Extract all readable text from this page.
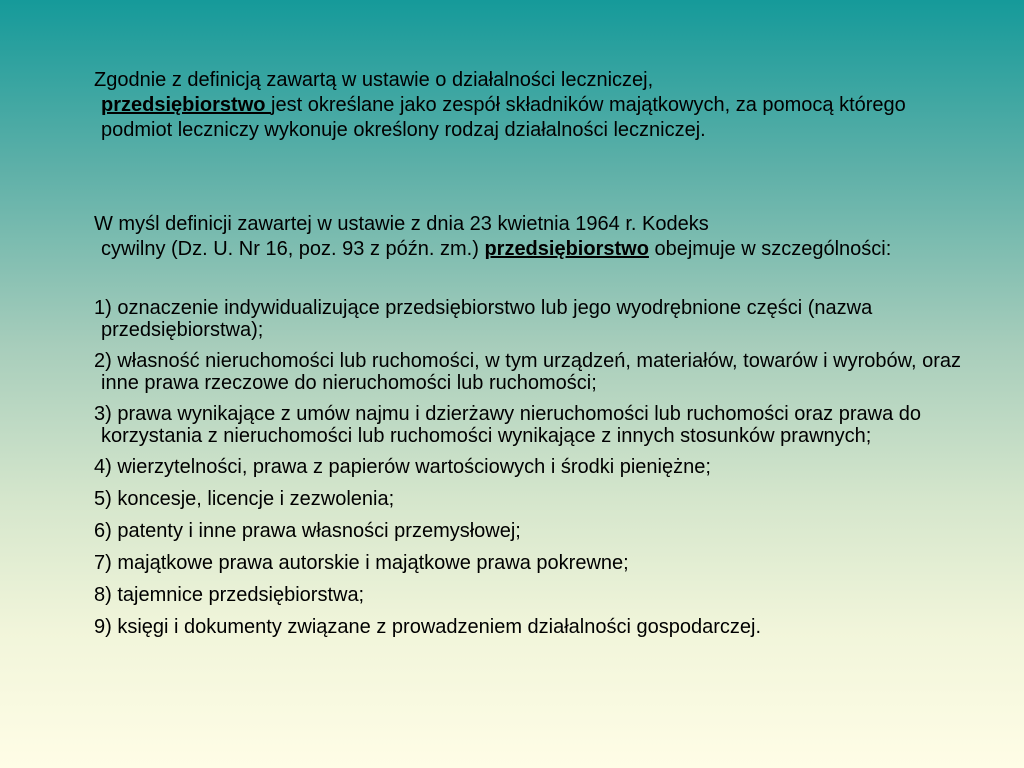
Zgodnie z definicją zawartą w ustawie o działalności leczniczej,
przedsiębiorstwo jest określane jako zespół składników majątkowych, za pomocą którego podmiot leczniczy wykonuje określony rodzaj działalności leczniczej.

W myśl definicji zawartej w ustawie z dnia 23 kwietnia 1964 r. Kodeks
cywilny (Dz. U. Nr 16, poz. 93 z późn. zm.) przedsiębiorstwo obejmuje w szczególności:

1) oznaczenie indywidualizujące przedsiębiorstwo lub jego wyodrębnione części (nazwa przedsiębiorstwa);
2) własność nieruchomości lub ruchomości, w tym urządzeń, materiałów, towarów i wyrobów, oraz inne prawa rzeczowe do nieruchomości lub ruchomości;
3) prawa wynikające z umów najmu i dzierżawy nieruchomości lub ruchomości oraz prawa do korzystania z nieruchomości lub ruchomości wynikające z innych stosunków prawnych;
4) wierzytelności, prawa z papierów wartościowych i środki pieniężne;
5) koncesje, licencje i zezwolenia;
6) patenty i inne prawa własności przemysłowej;
7) majątkowe prawa autorskie i majątkowe prawa pokrewne;
8) tajemnice przedsiębiorstwa;
9) księgi i dokumenty związane z prowadzeniem działalności gospodarczej.
